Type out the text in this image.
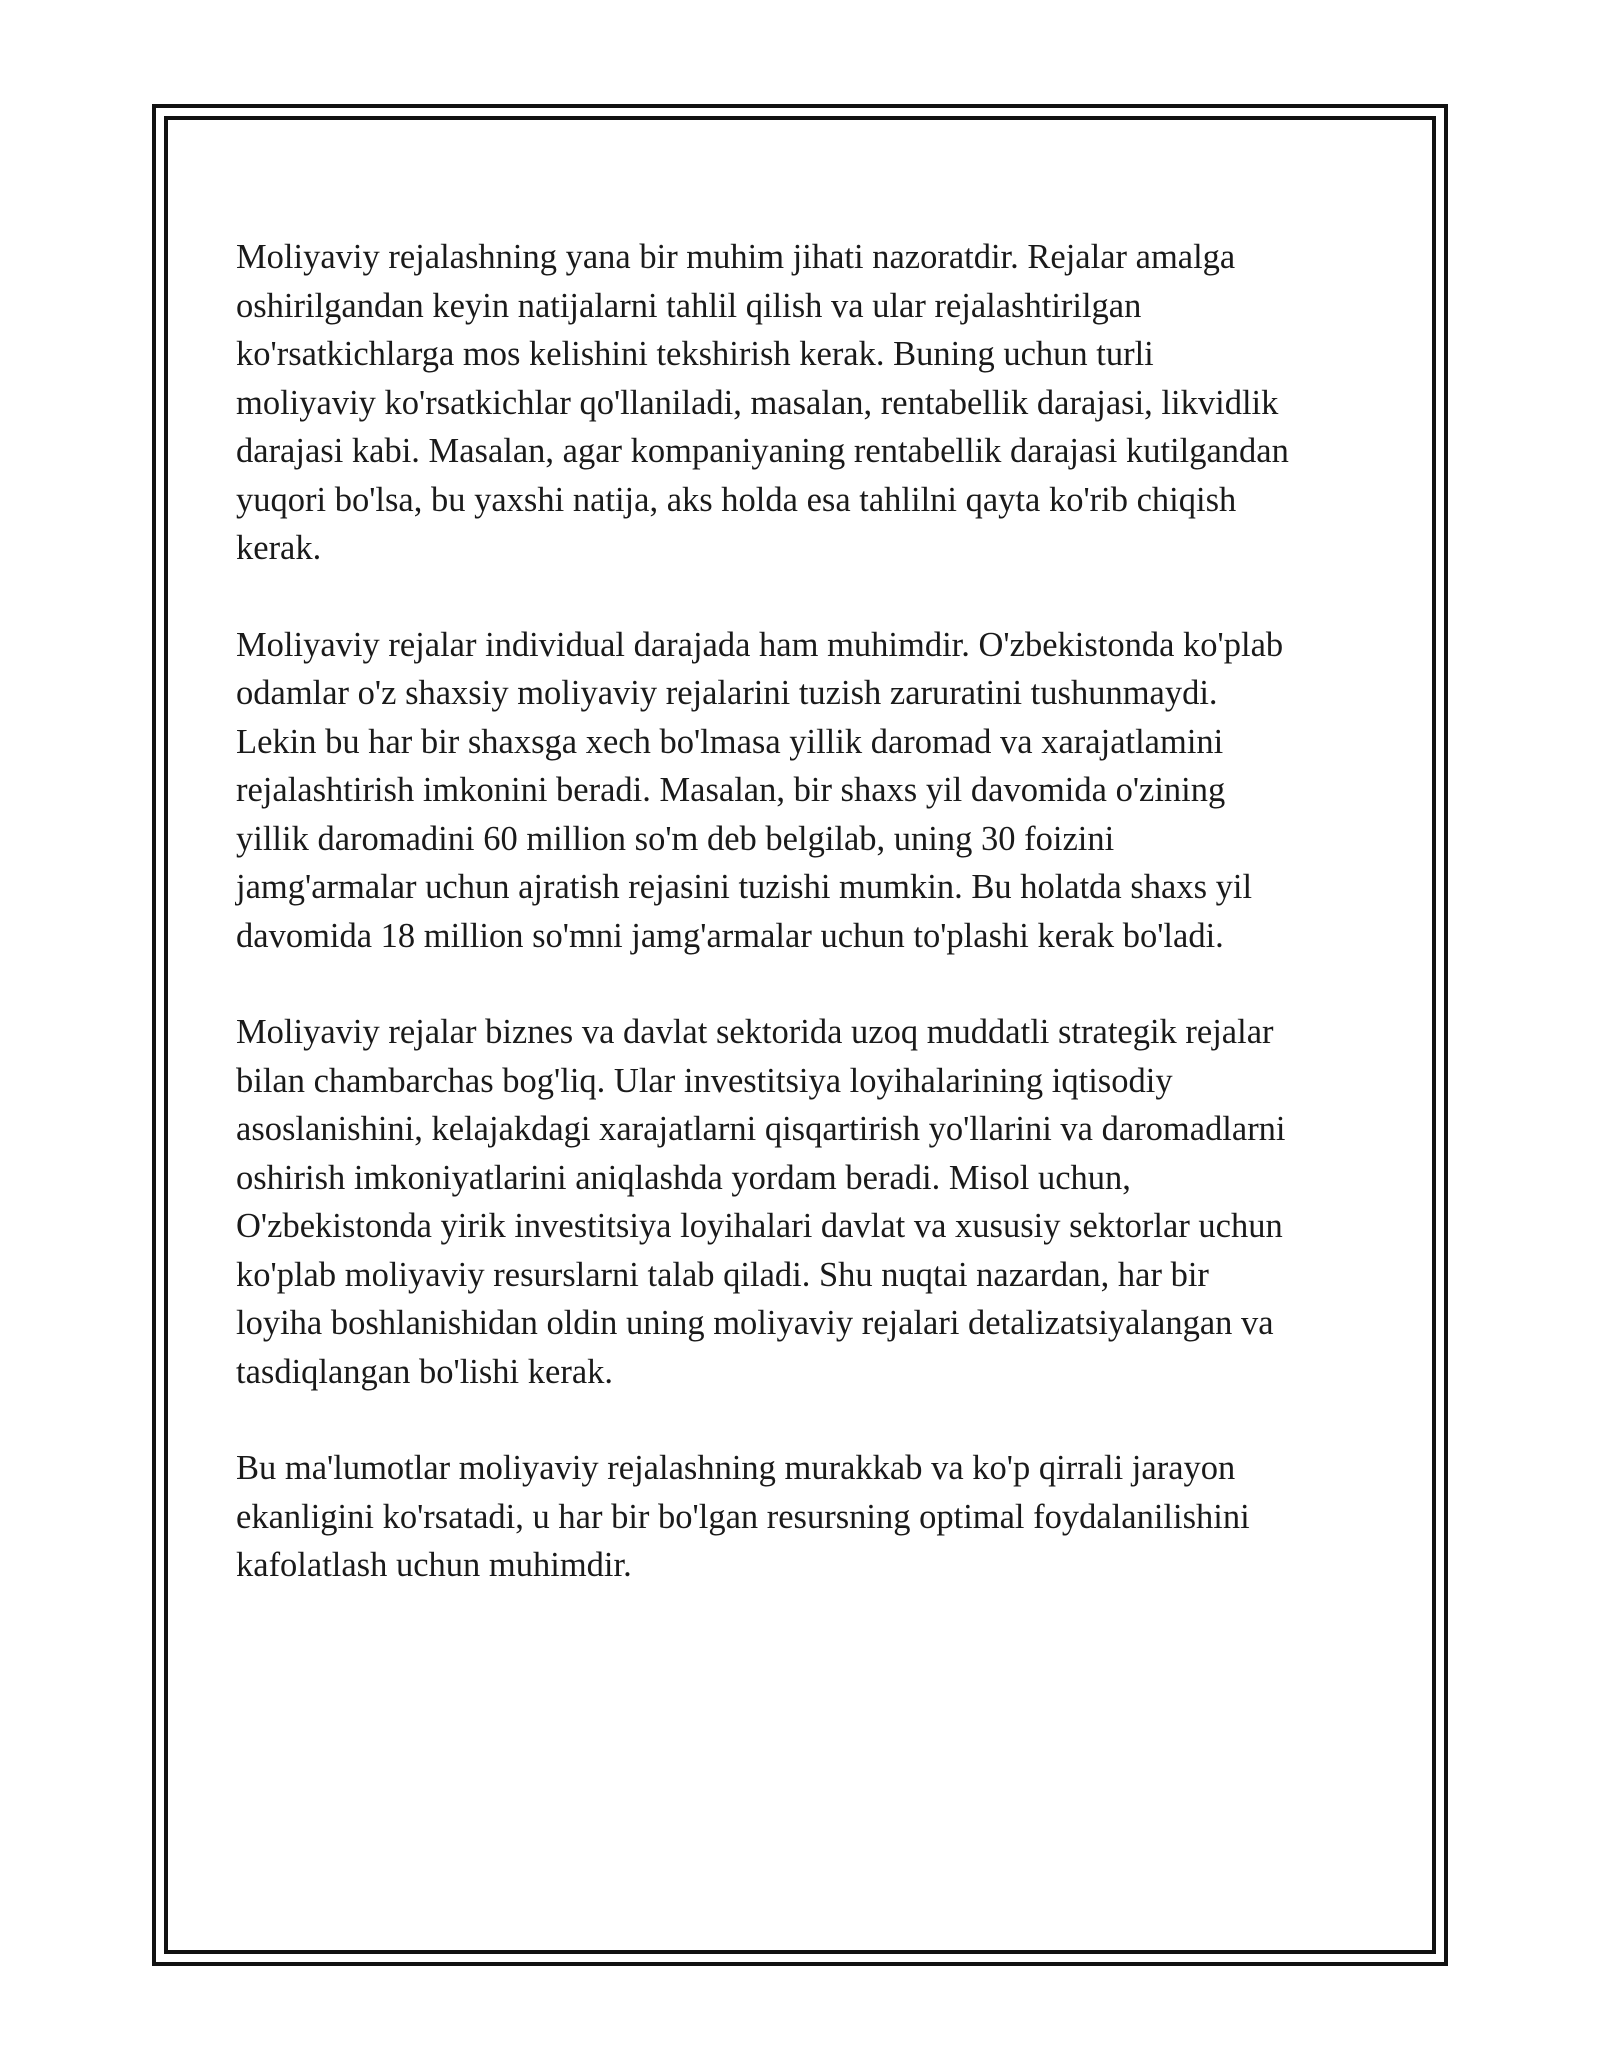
Moliyaviy rejalashning yana bir muhim jihati nazoratdir. Rejalar amalga
oshirilgandan keyin natijalarni tahlil qilish va ular rejalashtirilgan
ko'rsatkichlarga mos kelishini tekshirish kerak. Buning uchun turli
moliyaviy ko'rsatkichlar qo'llaniladi, masalan, rentabellik darajasi, likvidlik
darajasi kabi. Masalan, agar kompaniyaning rentabellik darajasi kutilgandan
yuqori bo'lsa, bu yaxshi natija, aks holda esa tahlilni qayta ko'rib chiqish
kerak.

Moliyaviy rejalar individual darajada ham muhimdir. O'zbekistonda ko'plab
odamlar o'z shaxsiy moliyaviy rejalarini tuzish zaruratini tushunmaydi.
Lekin bu har bir shaxsga xech bo'lmasa yillik daromad va xarajatlamini
rejalashtirish imkonini beradi. Masalan, bir shaxs yil davomida o'zining
yillik daromadini 60 million so'm deb belgilab, uning 30 foizini
jamg'armalar uchun ajratish rejasini tuzishi mumkin. Bu holatda shaxs yil
davomida 18 million so'mni jamg'armalar uchun to'plashi kerak bo'ladi.

Moliyaviy rejalar biznes va davlat sektorida uzoq muddatli strategik rejalar
bilan chambarchas bog'liq. Ular investitsiya loyihalarining iqtisodiy
asoslanishini, kelajakdagi xarajatlarni qisqartirish yo'llarini va daromadlarni
oshirish imkoniyatlarini aniqlashda yordam beradi. Misol uchun,
O'zbekistonda yirik investitsiya loyihalari davlat va xususiy sektorlar uchun
ko'plab moliyaviy resurslarni talab qiladi. Shu nuqtai nazardan, har bir
loyiha boshlanishidan oldin uning moliyaviy rejalari detalizatsiyalangan va
tasdiqlangan bo'lishi kerak.

Bu ma'lumotlar moliyaviy rejalashning murakkab va ko'p qirrali jarayon
ekanligini ko'rsatadi, u har bir bo'lgan resursning optimal foydalanilishini
kafolatlash uchun muhimdir.
